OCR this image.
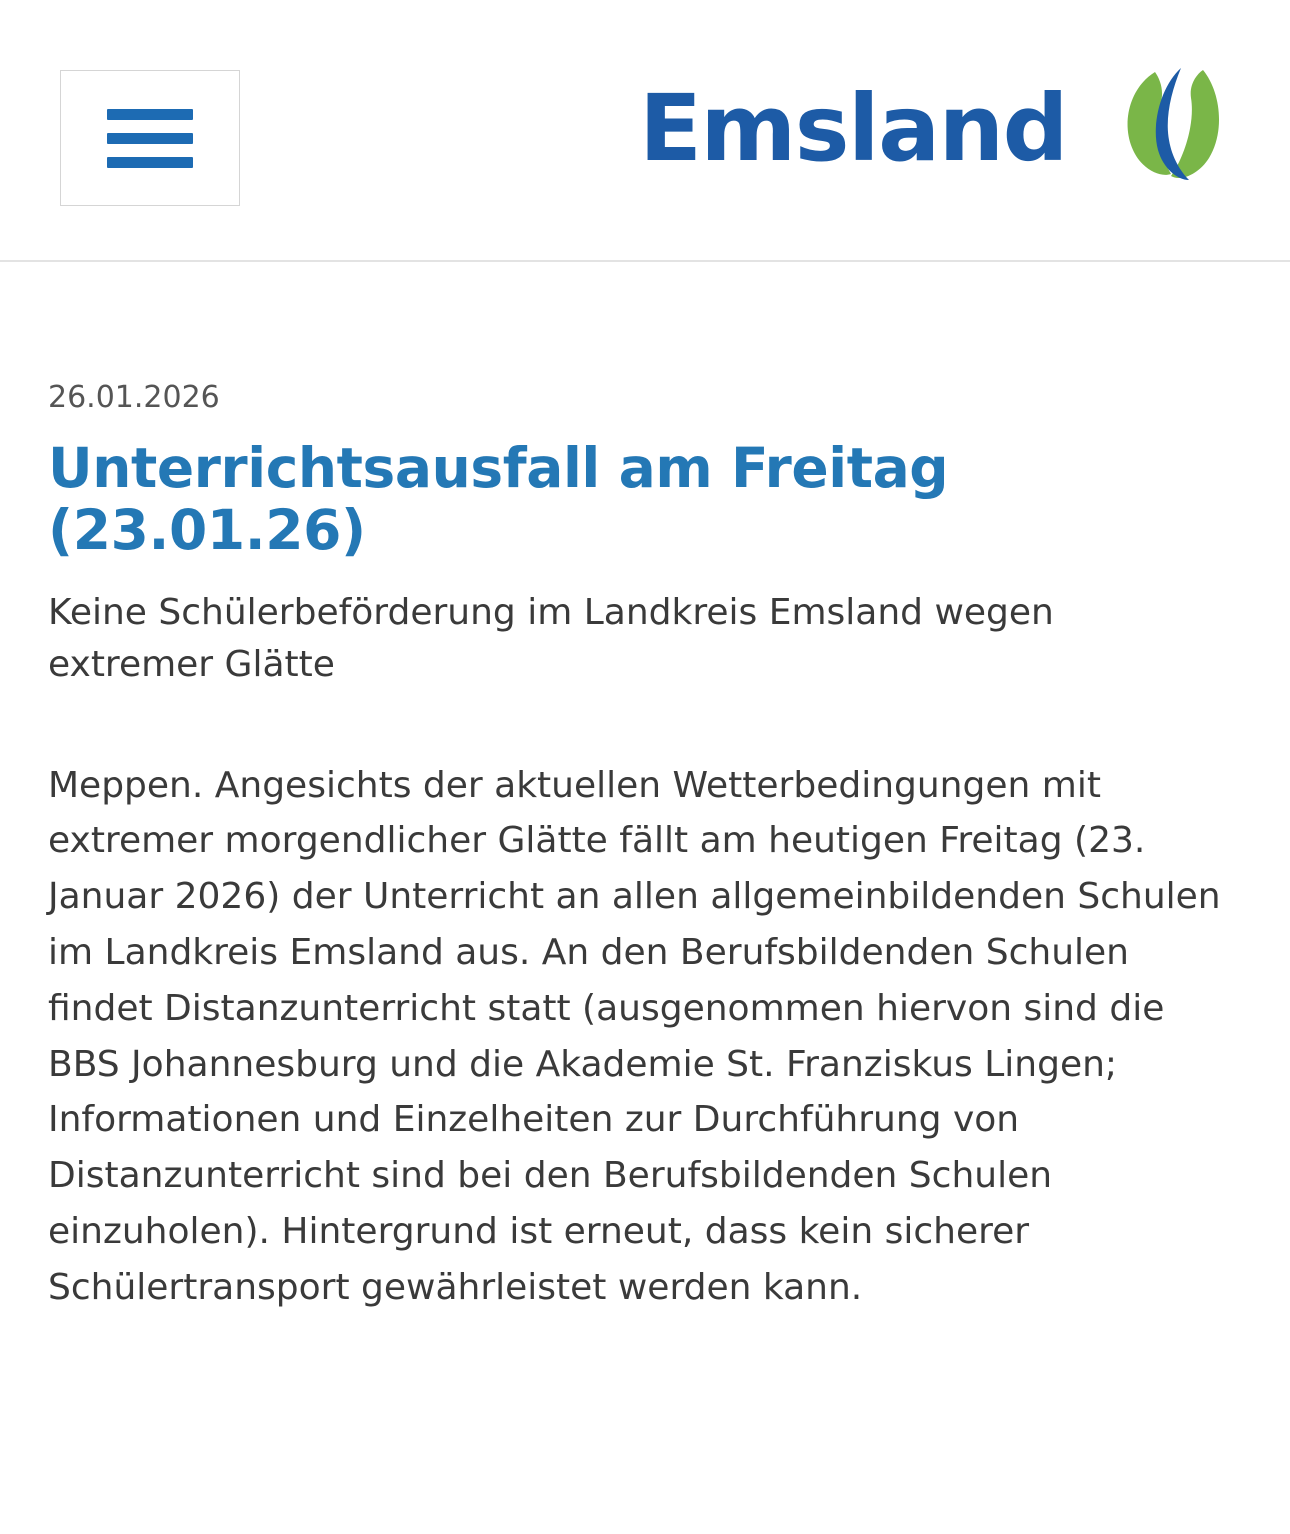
Emsland
26.01.2026
Unterrichtsausfall am Freitag (23.01.26)

Keine Schülerbeförderung im Landkreis Emsland wegen extremer Glätte

Meppen. Angesichts der aktuellen Wetterbedingungen mit extremer morgendlicher Glätte fällt am heutigen Freitag (23. Januar 2026) der Unterricht an allen allgemeinbildenden Schulen im Landkreis Emsland aus. An den Berufsbildenden Schulen findet Distanzunterricht statt (ausgenommen hiervon sind die BBS Johannesburg und die Akademie St. Franziskus Lingen; Informationen und Einzelheiten zur Durchführung von Distanzunterricht sind bei den Berufsbildenden Schulen einzuholen). Hintergrund ist erneut, dass kein sicherer Schülertransport gewährleistet werden kann.
